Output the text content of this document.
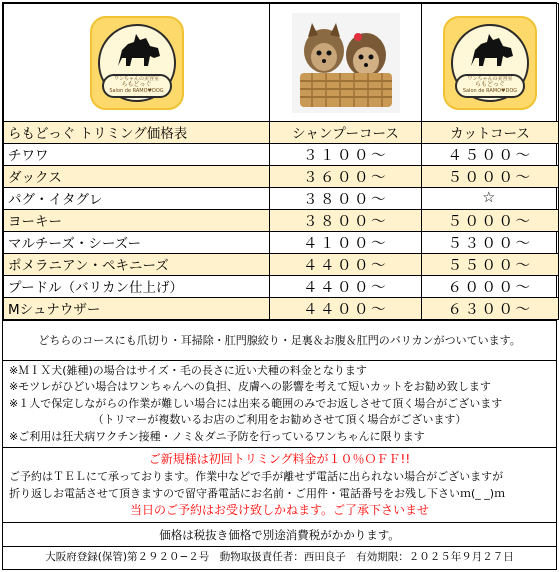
ワンちゃんの美容室
らもどっぐ
Salon de RAMO♥DOG		ワンちゃんの美容室
らもどっぐ
Salon de RAMO♥DOG

らもどっぐ トリミング価格表	シャンプーコース	カットコース
チワワ	３１００～	４５００～
ダックス	３６００～	５０００～
パグ・イタグレ	３８００～	☆
ヨーキー	３８００～	５０００～
マルチーズ・シーズー	４１００～	５３００～
ポメラニアン・ペキニーズ	４４００～	５５００～
プードル（バリカン仕上げ）	４４００～	６０００～
Mシュナウザー	４４００～	６３００～
どちらのコースにも爪切り・耳掃除・肛門腺絞り・足裏＆お腹＆肛門のバリカンがついています。
※ＭＩＸ犬(雑種)の場合はサイズ・毛の長さに近い犬種の料金となります
※モツレがひどい場合はワンちゃんへの負担、皮膚への影響を考えて短いカットをお勧め致します
※１人で保定しながらの作業が難しい場合には出来る範囲のみでお返しさせて頂く場合がございます
（トリマーが複数いるお店のご利用をお勧めさせて頂く場合がございます）
※ご利用は狂犬病ワクチン接種・ノミ＆ダニ予防を行っているワンちゃんに限ります
ご新規様は初回トリミング料金が１０％ＯＦＦ!!
ご予約はＴＥＬにて承っております。作業中などで手が離せず電話に出られない場合がございますが
折り返しお電話させて頂きますので留守番電話にお名前・ご用件・電話番号をお残し下さいｍ(_ _)ｍ
当日のご予約はお受け致しかねます。ご了承下さいませ
価格は税抜き価格で別途消費税がかかります。
大阪府登録(保管)第２９２０−２号　動物取扱責任者：西田良子　有効期限：２０２５年９月２７日
